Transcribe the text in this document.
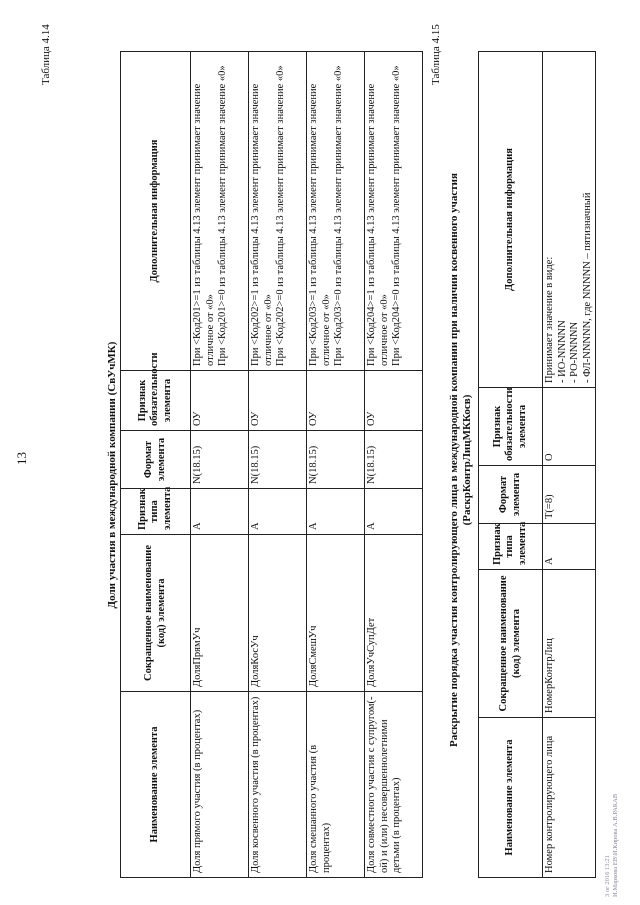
13
Таблица 4.14
Доли участия в международной компании (СвУчМК)
Наименование элемента	Сокращенное наименование (код) элемента	Признак типа элемента	Формат элемента	Признак обязательности элемента	Дополнительная информация
Доля прямого участия (в процентах)	ДоляПрямУч	А	N(18.15)	ОУ	При <Код201>=1 из таблицы 4.13 элемент принимает значение отличное от «0» При <Код201>=0 из таблицы 4.13 элемент принимает значение «0»

Доля косвенного участия (в процентах)	ДоляКосУч	А	N(18.15)	ОУ	При <Код202>=1 из таблицы 4.13 элемент принимает значение отличное от «0» При <Код202>=0 из таблицы 4.13 элемент принимает значение «0»

Доля смешанного участия (в процентах)	ДоляСмешУч	А	N(18.15)	ОУ	При <Код203>=1 из таблицы 4.13 элемент принимает значение отличное от «0» При <Код203>=0 из таблицы 4.13 элемент принимает значение «0»

Доля совместного участия с супругом(-ой) и (или) несовершеннолетними детьми (в процентах)	ДоляУчСупДет	А	N(18.15)	ОУ	При <Код204>=1 из таблицы 4.13 элемент принимает значение отличное от «0» При <Код204>=0 из таблицы 4.13 элемент принимает значение «0»
Таблица 4.15
Раскрытие порядка участия контролирующего лица в международной компании при наличии косвенного участия (РаскрКонтрЛицМККосв)
Наименование элемента	Сокращенное наименование (код) элемента	Признак типа элемента	Формат элемента	Признак обязательности элемента	Дополнительная информация
Номер контролирующего лица	НомерКонтрЛиц	А	T(=8)	О	Принимает значение в виде: - ИО-NNNNN - РО-NNNNN - ФЛ-NNNNN, где NNNNN – пятизначный
3 ог 2016 13:21 И.Маркова ЕВ\И.Кирова А.В.РАКАВ
